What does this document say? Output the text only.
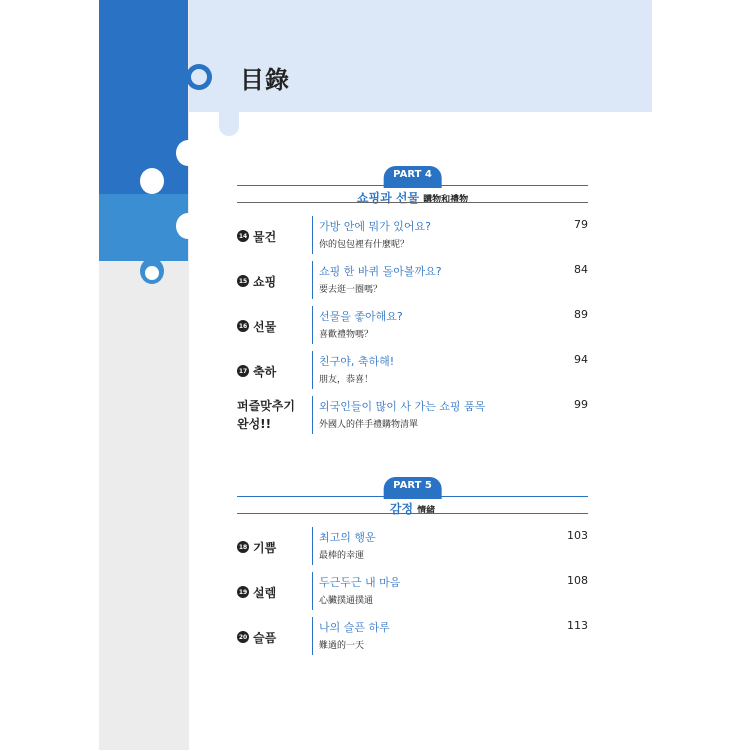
目錄
PART 4
쇼핑과 선물 購物和禮物
14 물건
가방 안에 뭐가 있어요?
你的包包裡有什麼呢？
79
15 쇼핑
쇼핑 한 바퀴 돌아볼까요?
要去逛一圈嗎？
84
16 선물
선물을 좋아해요?
喜歡禮物嗎？
89
17 축하
친구야, 축하해!
朋友，恭喜！
94
퍼즐맞추기
완성!!
외국인들이 많이 사 가는 쇼핑 품목
外國人的伴手禮購物清單
99
PART 5
감정 情緒
18 기쁨
최고의 행운
最棒的幸運
103
19 설렘
두근두근 내 마음
心臟撲通撲通
108
20 슬픔
나의 슬픈 하루
難過的一天
113
